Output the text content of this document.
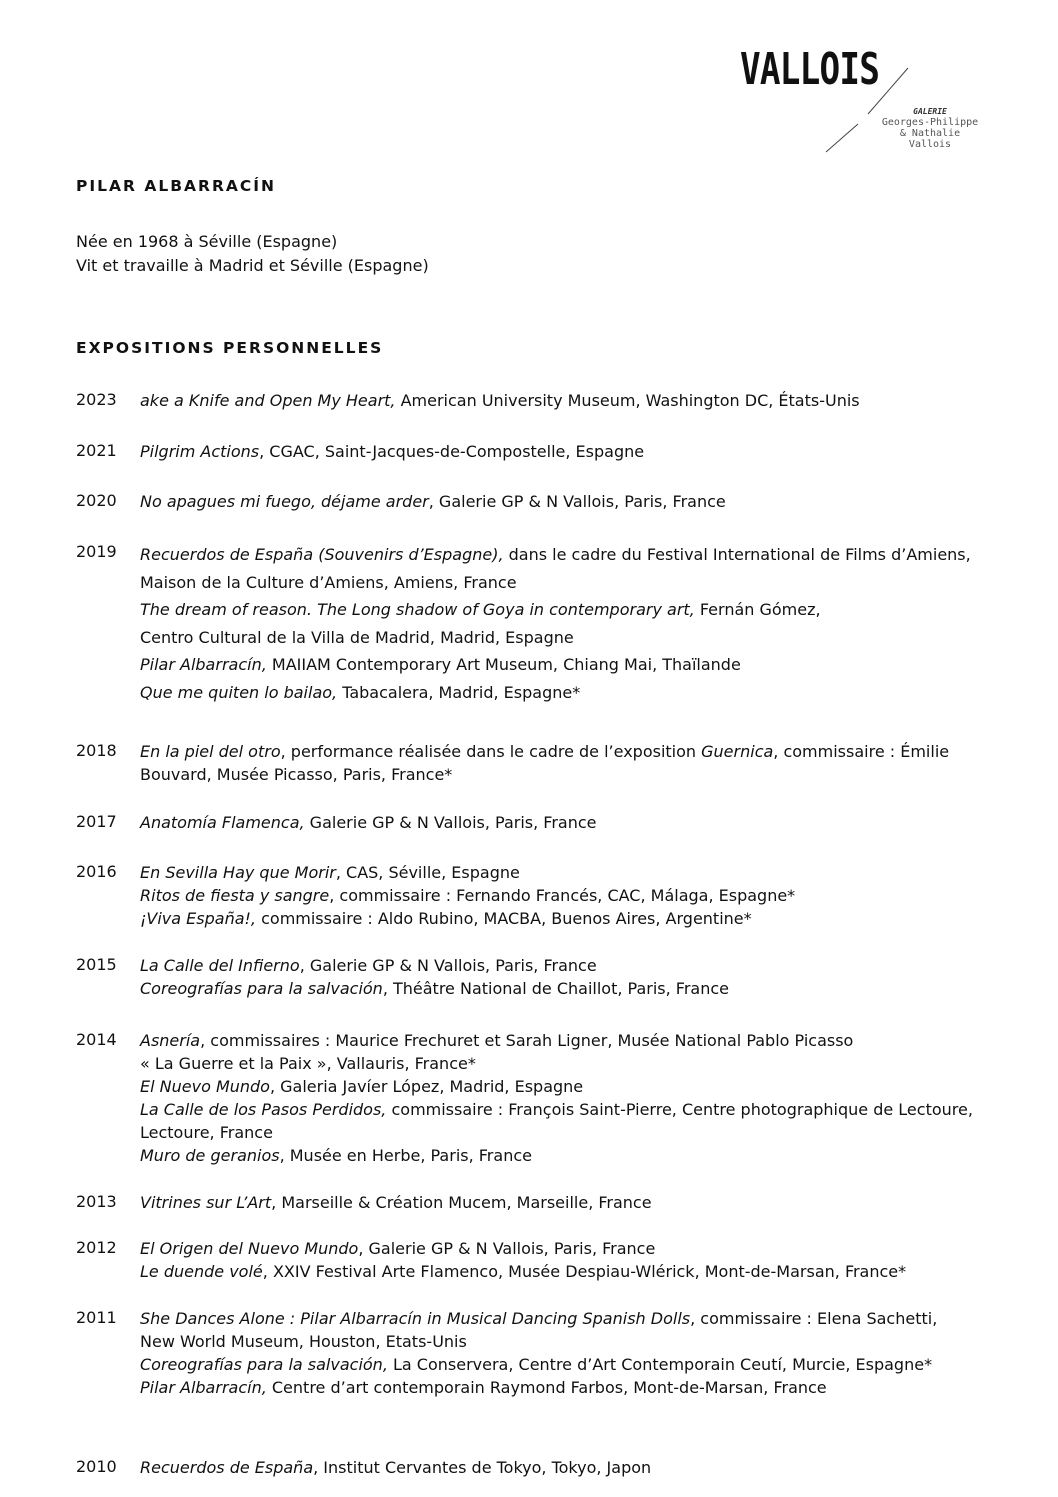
VALLOIS
GALERIE
Georges-Philippe
& Nathalie
Vallois
PILAR ALBARRACÍN
Née en 1968 à Séville (Espagne)
Vit et travaille à Madrid et Séville (Espagne)
EXPOSITIONS PERSONNELLES
2023 ake a Knife and Open My Heart, American University Museum, Washington DC, États-Unis
2021 Pilgrim Actions, CGAC, Saint-Jacques-de-Compostelle, Espagne
2020 No apagues mi fuego, déjame arder, Galerie GP & N Vallois, Paris, France
2019 Recuerdos de España (Souvenirs d’Espagne), dans le cadre du Festival International de Films d’Amiens,
Maison de la Culture d’Amiens, Amiens, France
The dream of reason. The Long shadow of Goya in contemporary art, Fernán Gómez,
Centro Cultural de la Villa de Madrid, Madrid, Espagne
Pilar Albarracín, MAIIAM Contemporary Art Museum, Chiang Mai, Thaïlande
Que me quiten lo bailao, Tabacalera, Madrid, Espagne*
2018 En la piel del otro, performance réalisée dans le cadre de l’exposition Guernica, commissaire : Émilie
Bouvard, Musée Picasso, Paris, France*
2017 Anatomía Flamenca, Galerie GP & N Vallois, Paris, France
2016 En Sevilla Hay que Morir, CAS, Séville, Espagne
Ritos de fiesta y sangre, commissaire : Fernando Francés, CAC, Málaga, Espagne*
¡Viva España!, commissaire : Aldo Rubino, MACBA, Buenos Aires, Argentine*
2015 La Calle del Infierno, Galerie GP & N Vallois, Paris, France
Coreografías para la salvación, Théâtre National de Chaillot, Paris, France
2014 Asnería, commissaires : Maurice Frechuret et Sarah Ligner, Musée National Pablo Picasso
« La Guerre et la Paix », Vallauris, France*
El Nuevo Mundo, Galeria Javíer López, Madrid, Espagne
La Calle de los Pasos Perdidos, commissaire : François Saint-Pierre, Centre photographique de Lectoure,
Lectoure, France
Muro de geranios, Musée en Herbe, Paris, France
2013 Vitrines sur L’Art, Marseille & Création Mucem, Marseille, France
2012 El Origen del Nuevo Mundo, Galerie GP & N Vallois, Paris, France
Le duende volé, XXIV Festival Arte Flamenco, Musée Despiau-Wlérick, Mont-de-Marsan, France*
2011 She Dances Alone : Pilar Albarracín in Musical Dancing Spanish Dolls, commissaire : Elena Sachetti,
New World Museum, Houston, Etats-Unis
Coreografías para la salvación, La Conservera, Centre d’Art Contemporain Ceutí, Murcie, Espagne*
Pilar Albarracín, Centre d’art contemporain Raymond Farbos, Mont-de-Marsan, France
2010 Recuerdos de España, Institut Cervantes de Tokyo, Tokyo, Japon
